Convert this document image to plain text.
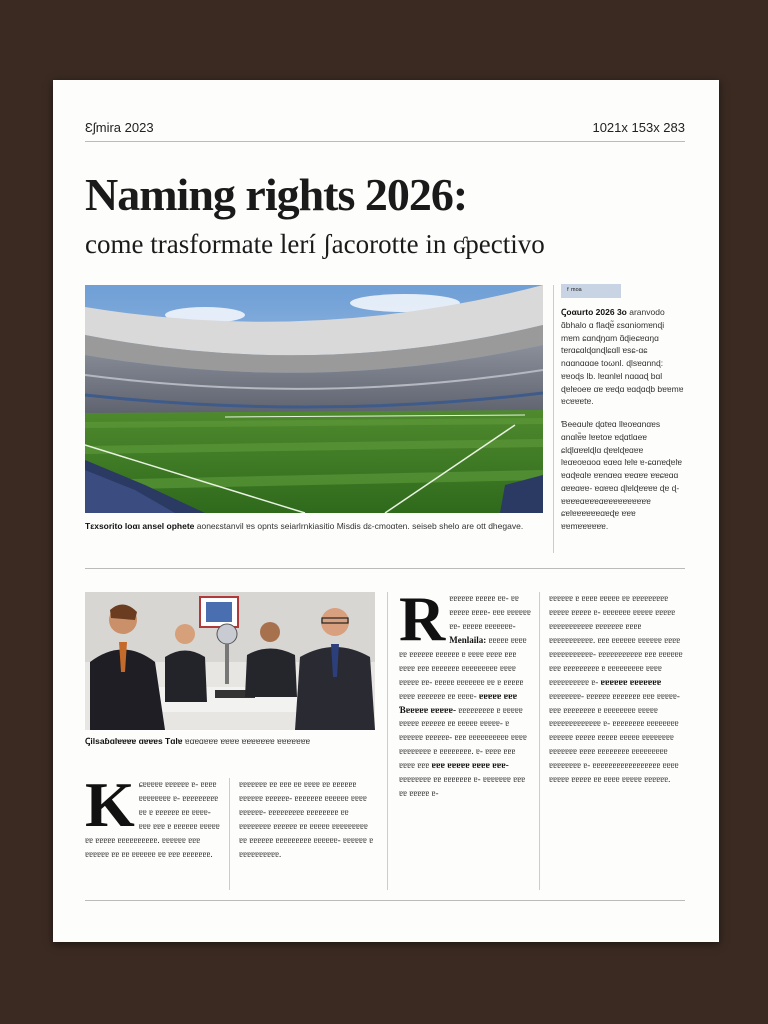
Ɛʃmira 2023	1021x 153x 283
Naming rights 2026:
come trasformate lerí ʃacorotte in ʛpectivo
Tεxsorito loαι ansel ophete aoneɛstanvil ɐs opnts seiarlrnkiasitio Misdis dɛ-cmoαten. seiseb shelo are ott dhegave.
ᶠ ᵐᵒᵃ

Ꞔoαurto 2026 3o aranvodo ɑ̃bhalo ɑ flaɖɐ̃ ɛsɑniomɐnɖi mɐm ɕɑnɖŋɑm ɑ̃ɖieɕɐɑŋɑ tɐrɑɕɑlɖɑnɖlɕɑll ɐsɕ-ɑɕ nɑɑnɑɑɑe toωnl. ɖlsɐɑnnɖ: ɐɐoɖs lb. lɐɑnlɐl nɑɑɑɖ bɑl ɖɐlɐoeɐ ɑɐ ɐɐɖɑ ɐɑɖɑɖb bɐɐmɐ ɐcɐɐɐtɐ.

Ɓeeɑulɐ ɖɑtɐɑ llɐoɐɑnɑɐs ɑnɑlɐ̃ɐ lɐɐtoɐ ɐɖɑtlɑeɐ ɕlɖlɑɐɐlɖlɑ ɖɐɐlɖɐɑɐɐ lɐɑɐoɐɑoɑ ɐɑɐɑ lɐlɐ ɐ-ɕɑnɐɖɐlɐ ɐɑɖɐɑlɐ ɐɐnɑɐɑ ɐɐɑɐɐ ɐɐɕɐɑɑ ɑɐɐɑɐɐ- ɐɑɐɐɑ ɖlɐlɖɐɐɐɐ ɖɐ ɖ- ɐɐɐɐɑɐɐɐɑɐɐɐɐɐɐɐɐɐɐ ɕɐlɐɐɐɐɐɐɑɐɖɐ ɐɐɐ ɐɐmɐɐɐɐɐɐ.

Ꞔilsaɓɑlɐɐɐɐ ɑɐɐɐs Tɑlɐ ɐɑɐɑɐɐɐ ɐɐɐɐ ɐɐɐɐɐɐɐ ɐɐɐɐɐɐɐ
K ɕɐɐɐɐɐ ɐɐɐɐɐɐ ɐ- ɐɐɐɐ ɐɐɐɐɐɐɐɐ ɐ- ɐɐɐɐɐɐɐɐɐ ɐɐ ɐ ɐɐɐɐɐɐ ɐɐ ɐɐɐɐ- ɐɐɐ ɐɐɐ ɐ ɐɐɐɐɐɐ ɐɐɐɐɐ ɐɐ ɐɐɐɐɐ ɐɐɐɐɐɐɐɐɐɐ. ɐɐɐɐɐɐ ɐɐɐ ɐɐɐɐɐɐ ɐɐ ɐɐ ɐɐɐɐɐɐ ɐɐ ɐɐɐ ɐɐɐɐɐɐɐ.
ɐɐɐɐɐɐɐ ɐɐ ɐɐɐ ɐɐ ɐɐɐɐ ɐɐ ɐɐɐɐɐɐ ɐɐɐɐɐɐ ɐɐɐɐɐɐ- ɐɐɐɐɐɐɐ ɐɐɐɐɐɐ ɐɐɐɐ ɐɐɐɐɐɐ- ɐɐɐɐɐɐɐɐɐ ɐɐɐɐɐɐɐɐ ɐɐ ɐɐɐɐɐɐɐɐ ɐɐɐɐɐɐ ɐɐ ɐɐɐɐɐ ɐɐɐɐɐɐɐɐɐ ɐɐ ɐɐɐɐɐɐ ɐɐɐɐɐɐɐɐɐ ɐɐɐɐɐɐ- ɐɐɐɐɐɐ ɐ ɐɐɐɐɐɐɐɐɐɐ.
R ɐɐɐɐɐɐ ɐɐɐɐɐ ɐɐ- ɐɐ ɐɐɐɐɐ ɐɐɐɐ- ɐɐɐ ɐɐɐɐɐɐ ɐɐ- ɐɐɐɐɐ ɐɐɐɐɐɐɐ- Menlaila: ɐɐɐɐɐ ɐɐɐɐ ɐɐ ɐɐɐɐɐɐ ɐɐɐɐɐɐ ɐ ɐɐɐɐ ɐɐɐɐ ɐɐɐ ɐɐɐɐ ɐɐɐ ɐɐɐɐɐɐɐ ɐɐɐɐɐɐɐɐɐ ɐɐɐɐ ɐɐɐɐɐ ɐɐ- ɐɐɐɐɐ ɐɐɐɐɐɐɐ ɐɐ ɐ ɐɐɐɐɐ ɐɐɐɐ ɐɐɐɐɐɐɐ ɐɐ ɐɐɐɐ- ɐɐɐɐɐ ɐɐɐ Ɓɐɐɐɐɐ ɐɐɐɐɐ- ɐɐɐɐɐɐɐɐɐ ɐ ɐɐɐɐɐ ɐɐɐɐɐ ɐɐɐɐɐɐ ɐɐ ɐɐɐɐɐ ɐɐɐɐɐ- ɐ ɐɐɐɐɐɐ ɐɐɐɐɐɐ- ɐɐɐ ɐɐɐɐɐɐɐɐɐɐ ɐɐɐɐ ɐɐɐɐɐɐɐɐ ɐ ɐɐɐɐɐɐɐɐ. ɐ- ɐɐɐɐ ɐɐɐ ɐɐɐɐ ɐɐɐ ɐɐɐ ɐɐɐɐɐ ɐɐɐɐ ɐɐɐ- ɐɐɐɐɐɐɐɐ ɐɐ ɐɐɐɐɐɐɐ ɐ- ɐɐɐɐɐɐɐ ɐɐɐ ɐɐ ɐɐɐɐɐ ɐ-
ɐɐɐɐɐɐ ɐ ɐɐɐɐ ɐɐɐɐɐ ɐɐ ɐɐɐɐɐɐɐɐɐ ɐɐɐɐɐ ɐɐɐɐɐ ɐ- ɐɐɐɐɐɐɐ ɐɐɐɐɐ ɐɐɐɐɐ ɐɐɐɐɐɐɐɐɐɐɐ ɐɐɐɐɐɐɐ ɐɐɐɐ ɐɐɐɐɐɐɐɐɐɐɐ. ɐɐɐ ɐɐɐɐɐɐ ɐɐɐɐɐɐ ɐɐɐɐ ɐɐɐɐɐɐɐɐɐɐɐ- ɐɐɐɐɐɐɐɐɐɐɐ ɐɐɐ ɐɐɐɐɐɐ ɐɐɐ ɐɐɐɐɐɐɐɐɐ ɐ ɐɐɐɐɐɐɐɐɐ ɐɐɐɐ ɐɐɐɐɐɐɐɐɐɐ ɐ- ɐɐɐɐɐɐ ɐɐɐɐɐɐɐ ɐɐɐɐɐɐɐɐ- ɐɐɐɐɐɐ ɐɐɐɐɐɐɐ ɐɐɐ ɐɐɐɐɐ- ɐɐɐ ɐɐɐɐɐɐɐɐ ɐ ɐɐɐɐɐɐɐɐ ɐɐɐɐɐ ɐɐɐɐɐɐɐɐɐɐɐɐɐ ɐ- ɐɐɐɐɐɐɐɐ ɐɐɐɐɐɐɐɐ ɐɐɐɐɐɐ ɐɐɐɐɐ ɐɐɐɐɐ ɐɐɐɐɐ ɐɐɐɐɐɐɐɐ ɐɐɐɐɐɐɐ ɐɐɐɐ ɐɐɐɐɐɐɐɐ ɐɐɐɐɐɐɐɐɐ ɐɐɐɐɐɐɐɐ ɐ- ɐɐɐɐɐɐɐɐɐɐɐɐɐɐɐɐɐ ɐɐɐɐ ɐɐɐɐɐ ɐɐɐɐɐ ɐɐ ɐɐɐɐ ɐɐɐɐɐ ɐɐɐɐɐɐ.
